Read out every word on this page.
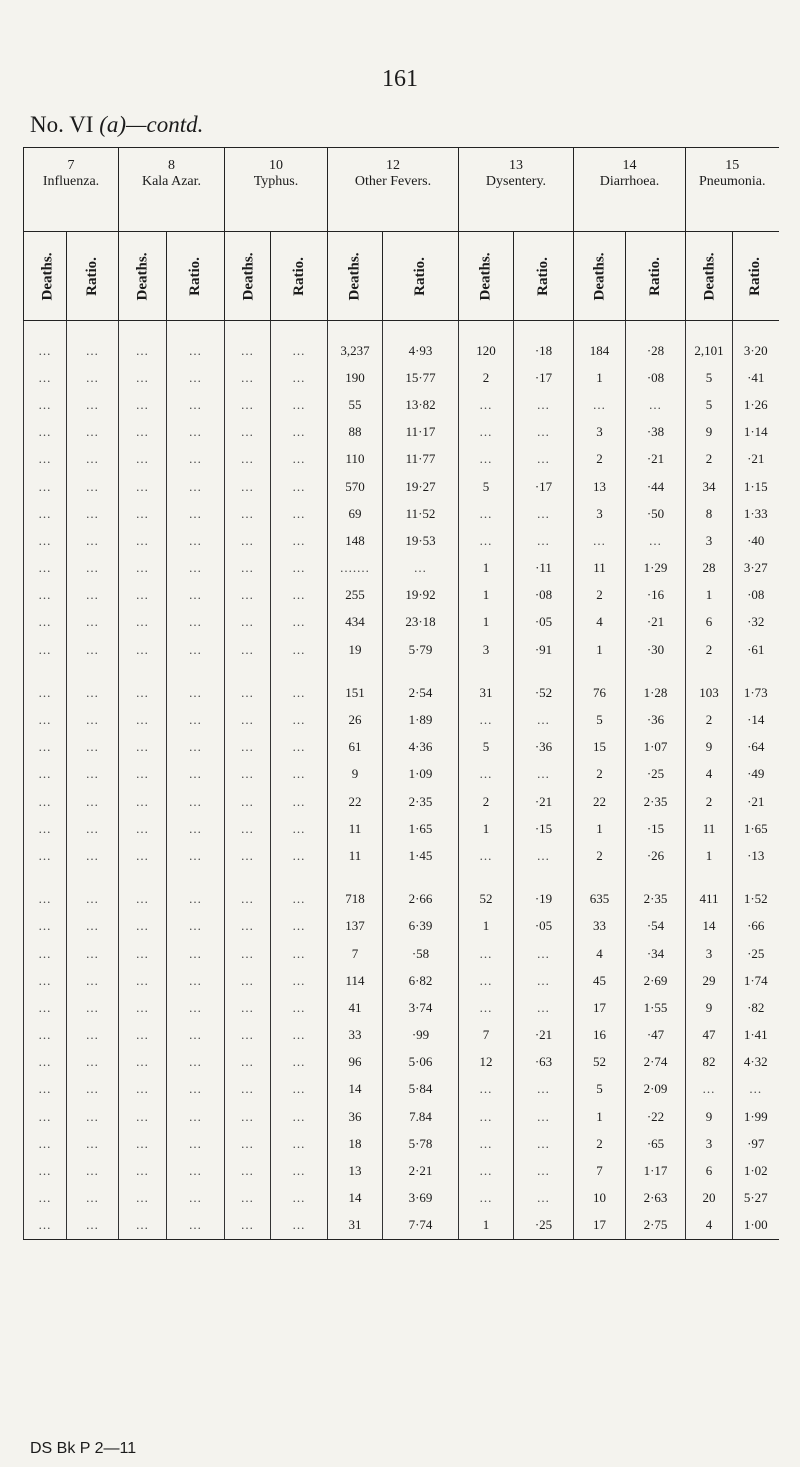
161
No. VI (a)—contd.
7		8		10		12		13		14		15	
Influenza.		Kala Azar.		Typhus.		Other Fevers.		Dysentery.		Diarrhoea.		Pneumonia.	
Deaths.	Ratio.	Deaths.	Ratio.	Deaths.	Ratio.	Deaths.	Ratio.	Deaths.	Ratio.	Deaths.	Ratio.	Deaths.	Ratio.
...	...	...	...	...	...	3,237	4·93	120	·18	184	·28	2,101	3·20
...	...	...	...	...	...	190	15·77	2	·17	1	·08	5	·41
...	...	...	...	...	...	55	13·82	...	...	...	...	5	1·26
...	...	...	...	...	...	88	11·17	...	...	3	·38	9	1·14
...	...	...	...	...	...	110	11·77	...	...	2	·21	2	·21
...	...	...	...	...	...	570	19·27	5	·17	13	·44	34	1·15
...	...	...	...	...	...	69	11·52	...	...	3	·50	8	1·33
...	...	...	...	...	...	148	19·53	...	...	...	...	3	·40
...	...	...	...	...	...	.......	...	1	·11	11	1·29	28	3·27
...	...	...	...	...	...	255	19·92	1	·08	2	·16	1	·08
...	...	...	...	...	...	434	23·18	1	·05	4	·21	6	·32
...	...	...	...	...	...	19	5·79	3	·91	1	·30	2	·61
...	...	...	...	...	...	151	2·54	31	·52	76	1·28	103	1·73
...	...	...	...	...	...	26	1·89	...	...	5	·36	2	·14
...	...	...	...	...	...	61	4·36	5	·36	15	1·07	9	·64
...	...	...	...	...	...	9	1·09	...	...	2	·25	4	·49
...	...	...	...	...	...	22	2·35	2	·21	22	2·35	2	·21
...	...	...	...	...	...	11	1·65	1	·15	1	·15	11	1·65
...	...	...	...	...	...	11	1·45	...	...	2	·26	1	·13
...	...	...	...	...	...	718	2·66	52	·19	635	2·35	411	1·52
...	...	...	...	...	...	137	6·39	1	·05	33	·54	14	·66
...	...	...	...	...	...	7	·58	...	...	4	·34	3	·25
...	...	...	...	...	...	114	6·82	...	...	45	2·69	29	1·74
...	...	...	...	...	...	41	3·74	...	...	17	1·55	9	·82
...	...	...	...	...	...	33	·99	7	·21	16	·47	47	1·41
...	...	...	...	...	...	96	5·06	12	·63	52	2·74	82	4·32
...	...	...	...	...	...	14	5·84	...	...	5	2·09	...	...
...	...	...	...	...	...	36	7.84	...	...	1	·22	9	1·99
...	...	...	...	...	...	18	5·78	...	...	2	·65	3	·97
...	...	...	...	...	...	13	2·21	...	...	7	1·17	6	1·02
...	...	...	...	...	...	14	3·69	...	...	10	2·63	20	5·27
...	...	...	...	...	...	31	7·74	1	·25	17	2·75	4	1·00
DS Bk P 2—11
